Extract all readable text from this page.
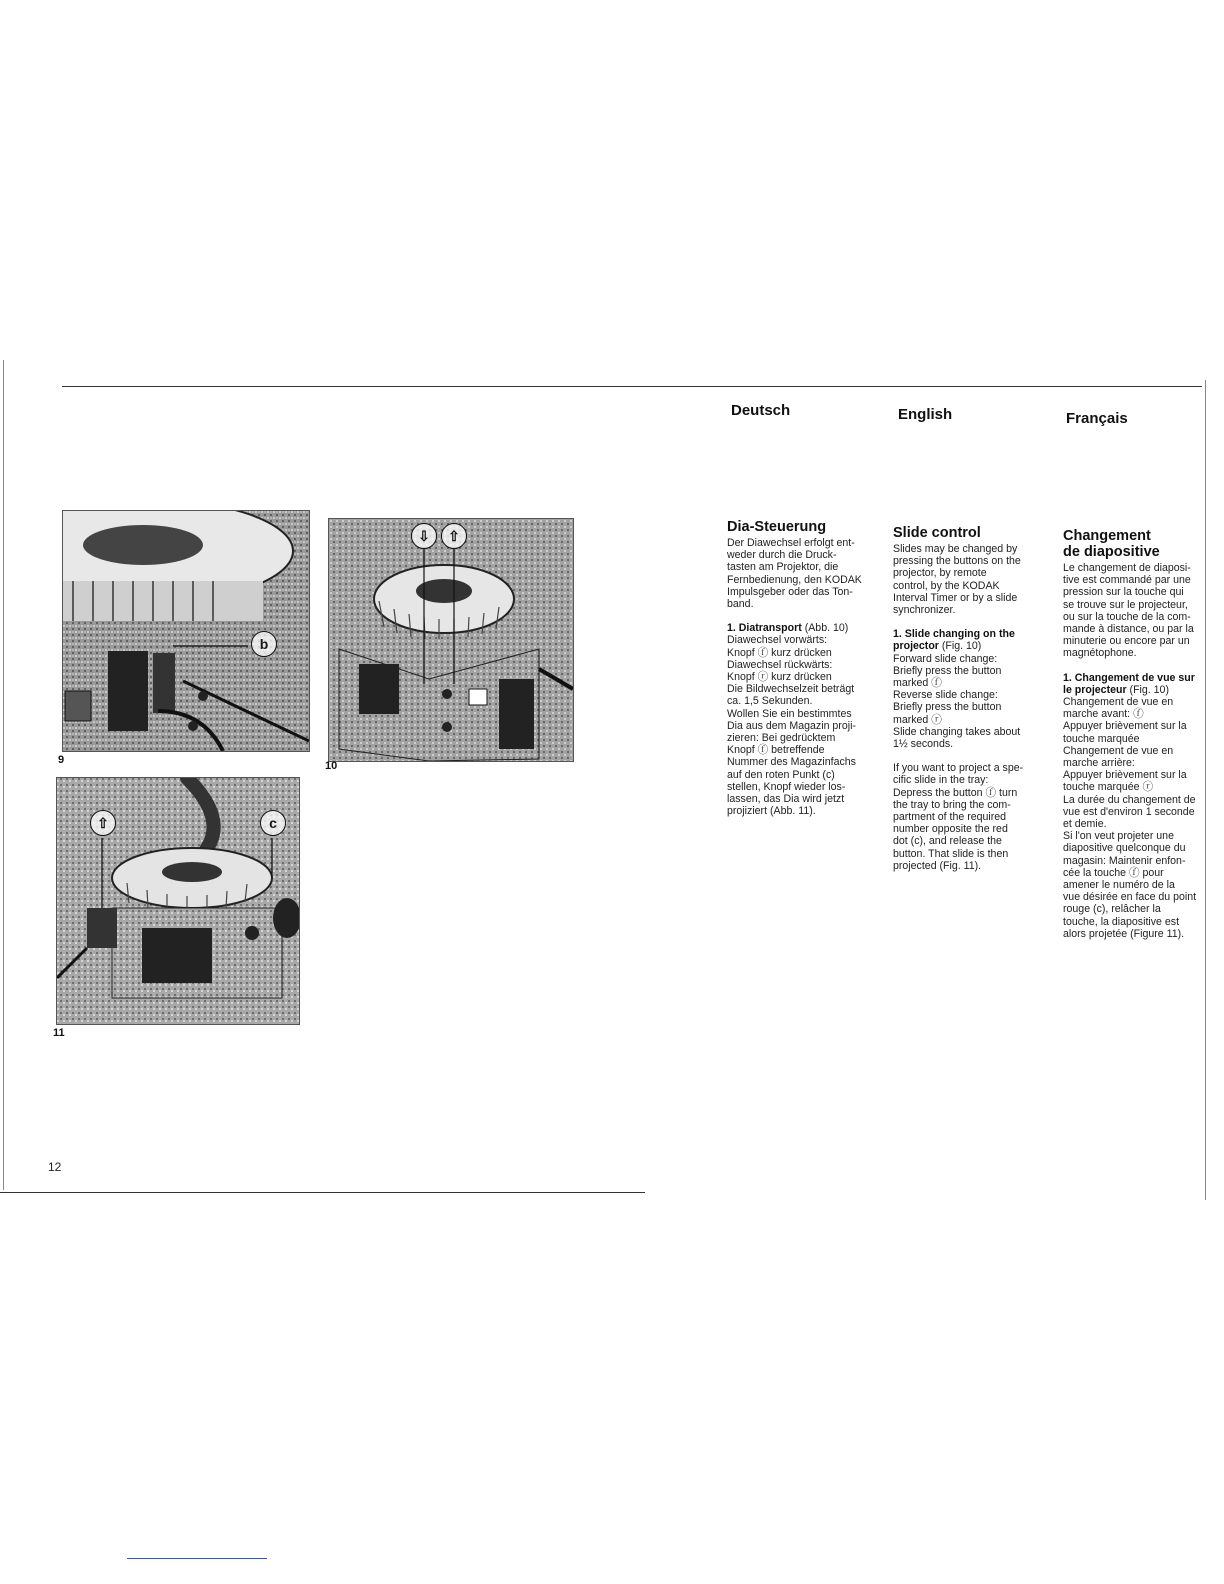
Deutsch	English	Français
b
9
⇩	⇧
10
⇧	c
11
12
Dia-Steuerung

Der Diawechsel erfolgt ent-
weder durch die Druck-
tasten am Projektor, die
Fernbedienung, den KODAK
Impulsgeber oder das Ton-
band.

1. Diatransport (Abb. 10)

Diawechsel vorwärts:
Knopf ⓕ kurz drücken
Diawechsel rückwärts:
Knopf ⓡ kurz drücken
Die Bildwechselzeit beträgt
ca. 1,5 Sekunden.
Wollen Sie ein bestimmtes
Dia aus dem Magazin proji-
zieren: Bei gedrücktem
Knopf ⓕ betreffende
Nummer des Magazinfachs
auf den roten Punkt (c)
stellen, Knopf wieder los-
lassen, das Dia wird jetzt
projiziert (Abb. 11).

Slide control

Slides may be changed by
pressing the buttons on the
projector, by remote
control, by the KODAK
Interval Timer or by a slide
synchronizer.

1. Slide changing on the
projector (Fig. 10)

Forward slide change:
Briefly press the button
marked ⓕ
Reverse slide change:
Briefly press the button
marked ⓡ
Slide changing takes about
1½ seconds.

If you want to project a spe-
cific slide in the tray:
Depress the button ⓕ turn
the tray to bring the com-
partment of the required
number opposite the red
dot (c), and release the
button. That slide is then
projected (Fig. 11).

Changement
de diapositive

Le changement de diaposi-
tive est commandé par une
pression sur la touche qui
se trouve sur le projecteur,
ou sur la touche de la com-
mande à distance, ou par la
minuterie ou encore par un
magnétophone.

1. Changement de vue sur
le projecteur (Fig. 10)

Changement de vue en
marche avant: ⓕ
Appuyer brièvement sur la
touche marquée
Changement de vue en
marche arrière:
Appuyer brièvement sur la
touche marquée ⓡ
La durée du changement de
vue est d'environ 1 seconde
et demie.
Si l'on veut projeter une
diapositive quelconque du
magasin: Maintenir enfon-
cée la touche ⓕ pour
amener le numéro de la
vue désirée en face du point
rouge (c), relâcher la
touche, la diapositive est
alors projetée (Figure 11).
